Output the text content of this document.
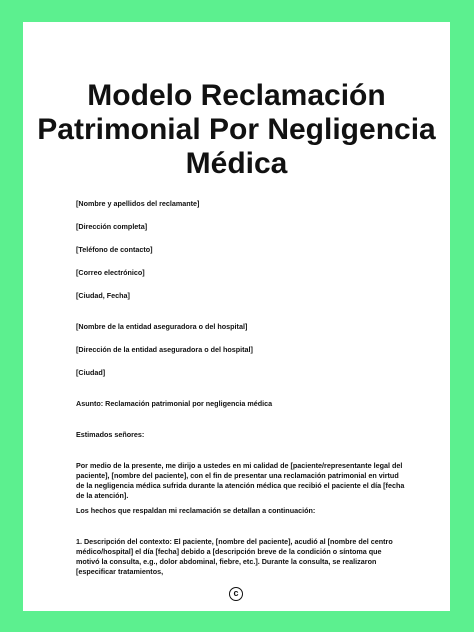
Modelo Reclamación
Patrimonial Por Negligencia
Médica
[Nombre y apellidos del reclamante]
[Dirección completa]
[Teléfono de contacto]
[Correo electrónico]
[Ciudad, Fecha]
[Nombre de la entidad aseguradora o del hospital]
[Dirección de la entidad aseguradora o del hospital]
[Ciudad]
Asunto: Reclamación patrimonial por negligencia médica
Estimados señores:
Por medio de la presente, me dirijo a ustedes en mi calidad de [paciente/representante legal del paciente], [nombre del paciente], con el fin de presentar una reclamación patrimonial en virtud de la negligencia médica sufrida durante la atención médica que recibió el paciente el día [fecha de la atención].
Los hechos que respaldan mi reclamación se detallan a continuación:
1. Descripción del contexto: El paciente, [nombre del paciente], acudió al [nombre del centro médico/hospital] el día [fecha] debido a [descripción breve de la condición o síntoma que motivó la consulta, e.g., dolor abdominal, fiebre, etc.]. Durante la consulta, se realizaron [especificar tratamientos,
c
